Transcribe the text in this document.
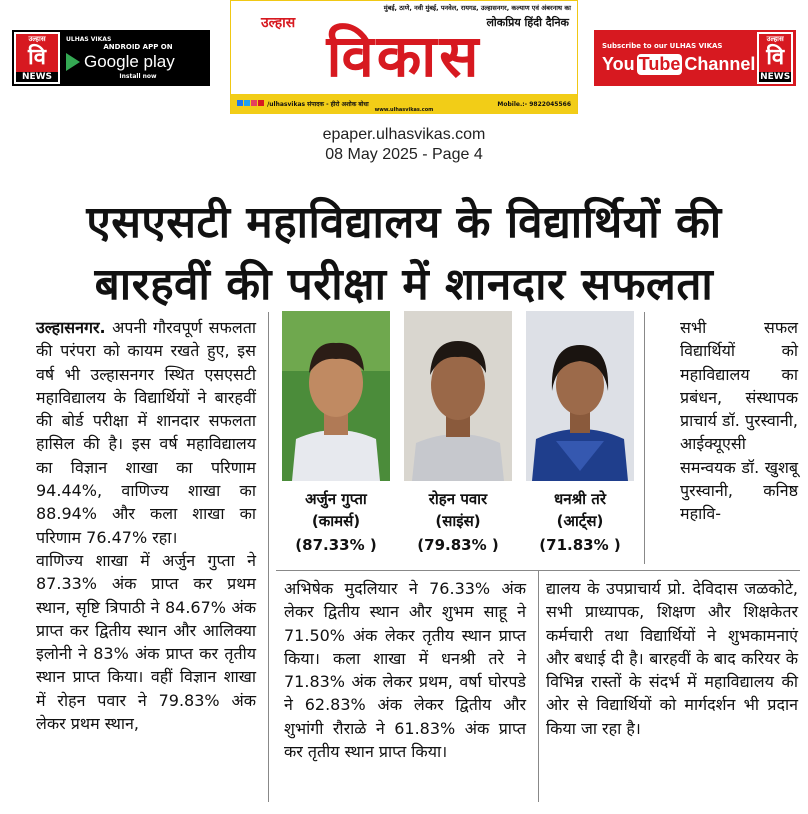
उल्हास
वि
NEWS
ULHAS VIKAS
ANDROID APP ON
Google play
Install now
मुंबई, ठाणे, नवी मुंबई, पनवेल, रायगड, उल्हासनगर, कल्याण एवं अंबरनाथ का
लोकप्रिय हिंदी दैनिक
उल्हास विकास
/ulhasvikas संपादक - हीरो अशोक बोधा	Mobile.:- 9822045566
www.ulhasvikas.com
Subscribe to our ULHAS VIKAS
You Tube Channel
उल्हास
वि
NEWS
epaper.ulhasvikas.com
08 May 2025 - Page 4
एसएसटी महाविद्यालय के विद्यार्थियों की
बारहवीं की परीक्षा में शानदार सफलता

उल्हासनगर. अपनी गौरवपूर्ण सफलता की परंपरा को कायम रखते हुए, इस वर्ष भी उल्हासनगर स्थित एसएसटी महाविद्यालय के विद्यार्थियों ने बारहवीं की बोर्ड परीक्षा में शानदार सफलता हासिल की है। इस वर्ष महाविद्यालय का विज्ञान शाखा का परिणाम 94.44%, वाणिज्य शाखा का 88.94% और कला शाखा का परिणाम 76.47% रहा।

वाणिज्य शाखा में अर्जुन गुप्ता ने 87.33% अंक प्राप्त कर प्रथम स्थान, सृष्टि त्रिपाठी ने 84.67% अंक प्राप्त कर द्वितीय स्थान और आलिक्या इलोनी ने 83% अंक प्राप्त कर तृतीय स्थान प्राप्त किया। वहीं विज्ञान शाखा में रोहन पवार ने 79.83% अंक लेकर प्रथम स्थान,

अर्जुन गुप्ता
(कामर्स)
(87.33% )
रोहन पवार
(साइंस)
(79.83% )
धनश्री तरे
(आर्ट्स)
(71.83% )

अभिषेक मुदलियार ने 76.33% अंक लेकर द्वितीय स्थान और शुभम साहू ने 71.50% अंक लेकर तृतीय स्थान प्राप्त किया। कला शाखा में धनश्री तरे ने 71.83% अंक लेकर प्रथम, वर्षा घोरपडे ने 62.83% अंक लेकर द्वितीय और शुभांगी रौराळे ने 61.83% अंक प्राप्त कर तृतीय स्थान प्राप्त किया।

सभी सफल विद्यार्थियों को महाविद्यालय का प्रबंधन, संस्थापक प्राचार्य डॉ. पुरस्वानी, आईक्यूएसी समन्वयक डॉ. खुशबू पुरस्वानी, कनिष्ठ महावि-

द्यालय के उपप्राचार्य प्रो. देविदास जळकोटे, सभी प्राध्यापक, शिक्षण और शिक्षकेतर कर्मचारी तथा विद्यार्थियों ने शुभकामनाएं और बधाई दी है। बारहवीं के बाद करियर के विभिन्न रास्तों के संदर्भ में महाविद्यालय की ओर से विद्यार्थियों को मार्गदर्शन भी प्रदान किया जा रहा है।
